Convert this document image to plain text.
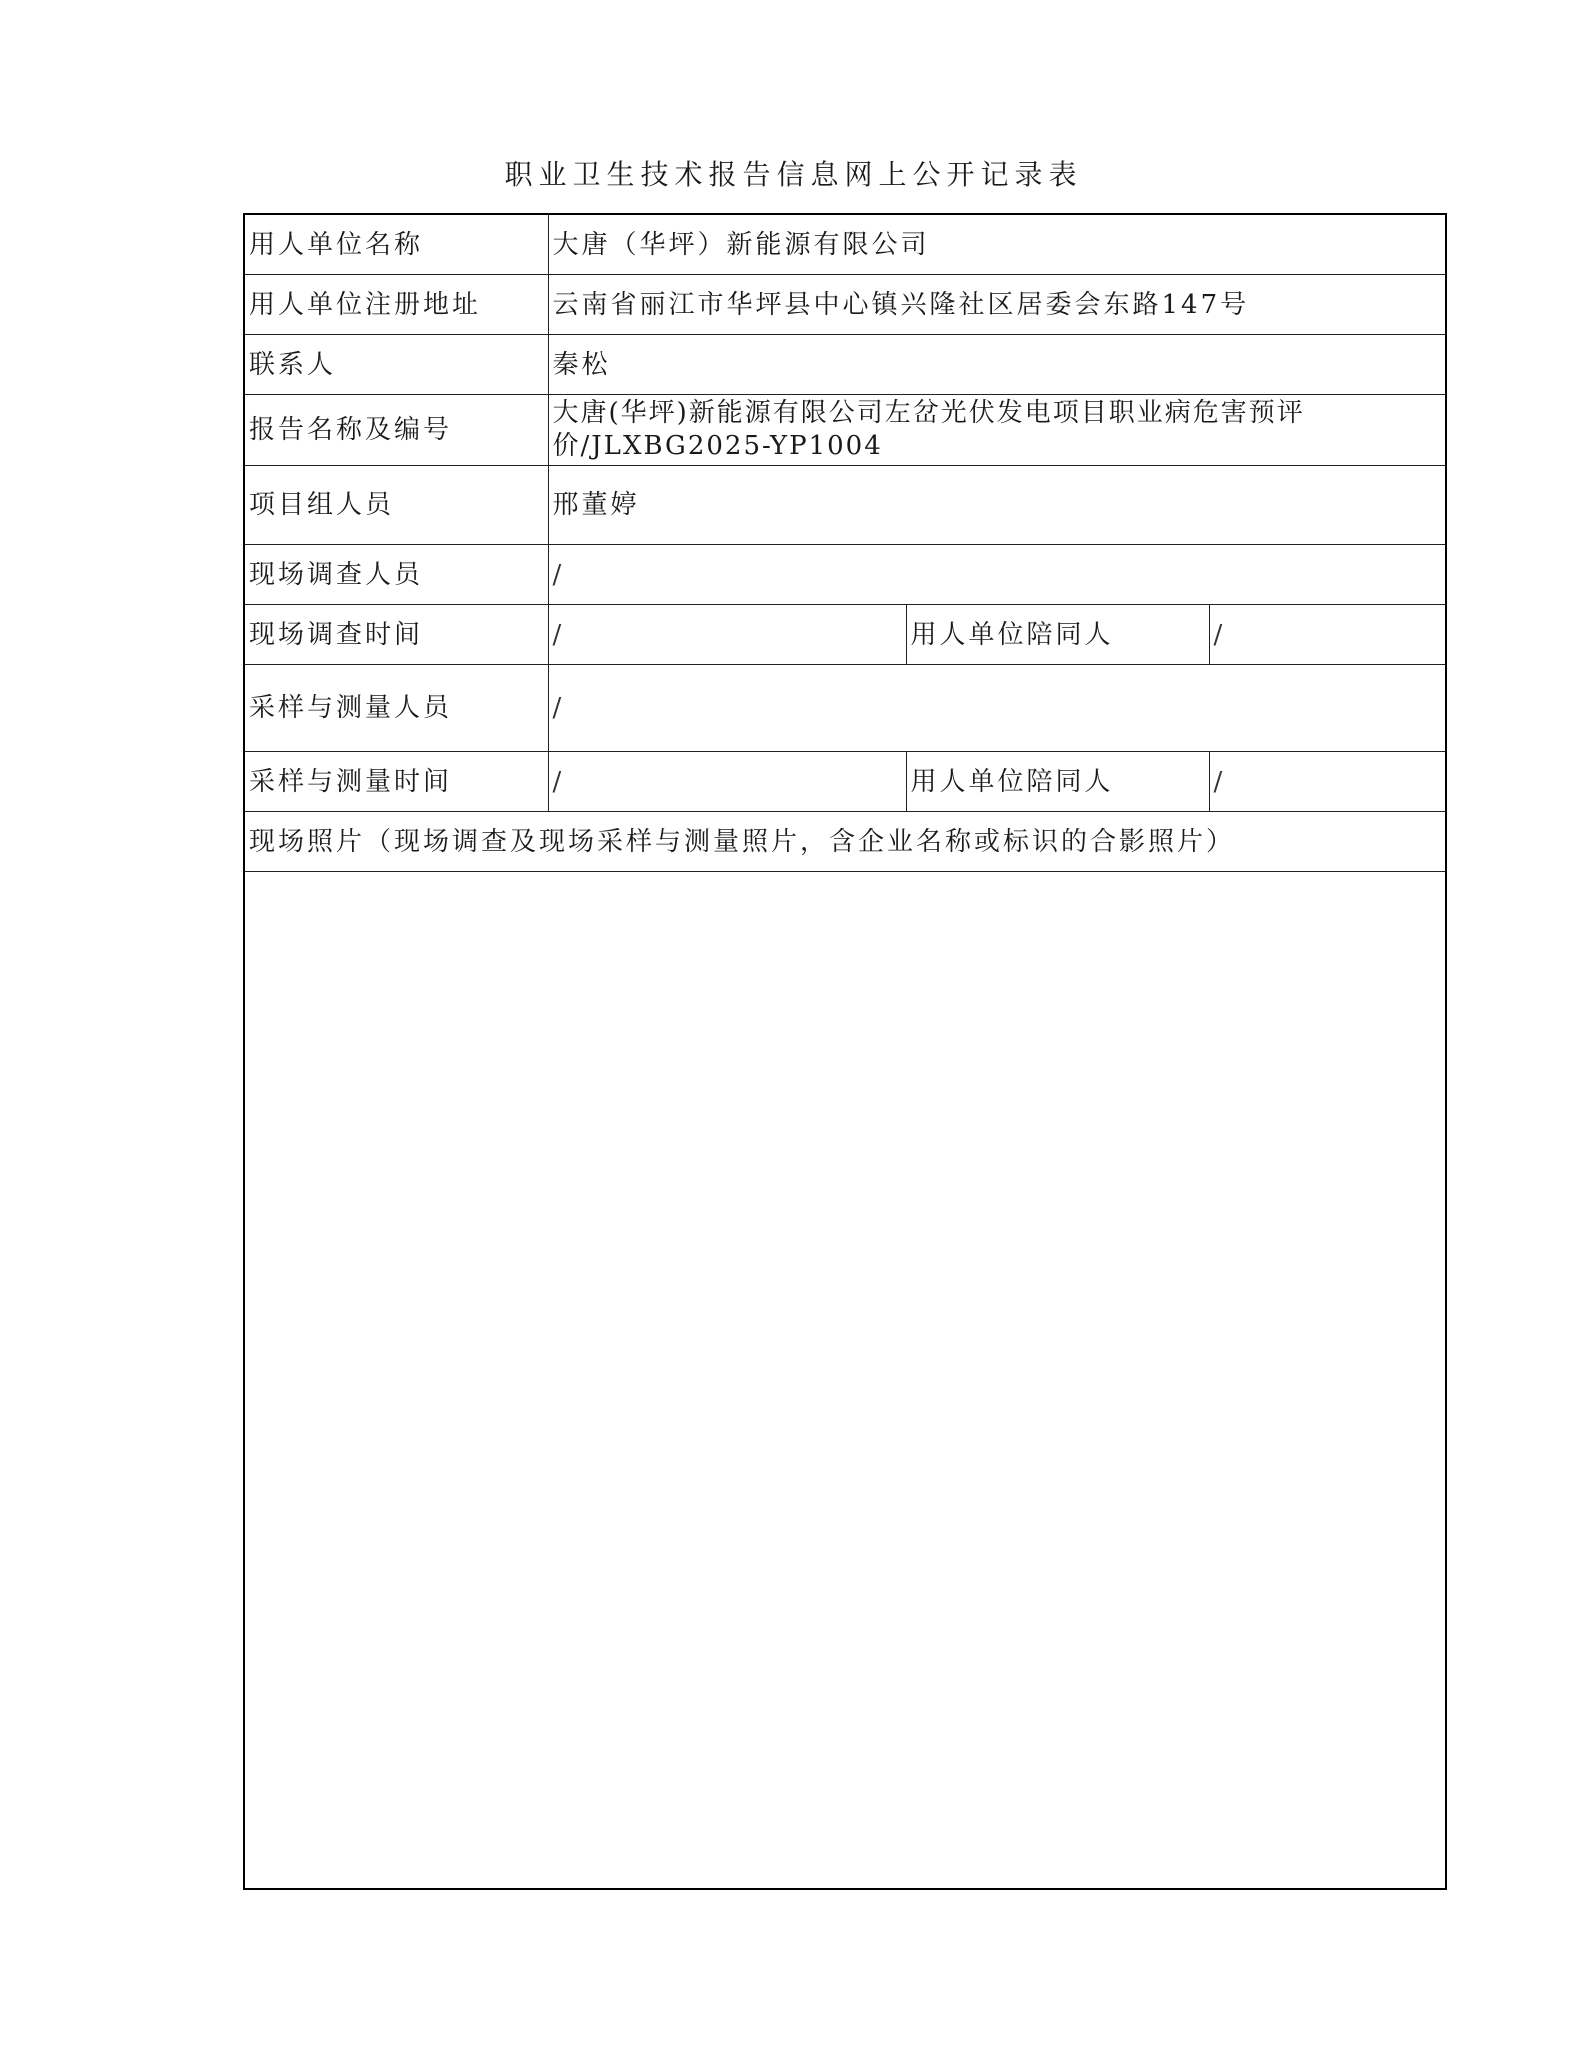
职业卫生技术报告信息网上公开记录表
用人单位名称	大唐（华坪）新能源有限公司		
用人单位注册地址	云南省丽江市华坪县中心镇兴隆社区居委会东路147号		
联系人	秦松		
报告名称及编号	大唐(华坪)新能源有限公司左岔光伏发电项目职业病危害预评价/JLXBG2025-YP1004		
项目组人员	邢董婷		
现场调查人员	/		
现场调查时间	/	用人单位陪同人	/
采样与测量人员	/		
采样与测量时间	/	用人单位陪同人	/
现场照片（现场调查及现场采样与测量照片，含企业名称或标识的合影照片）			
